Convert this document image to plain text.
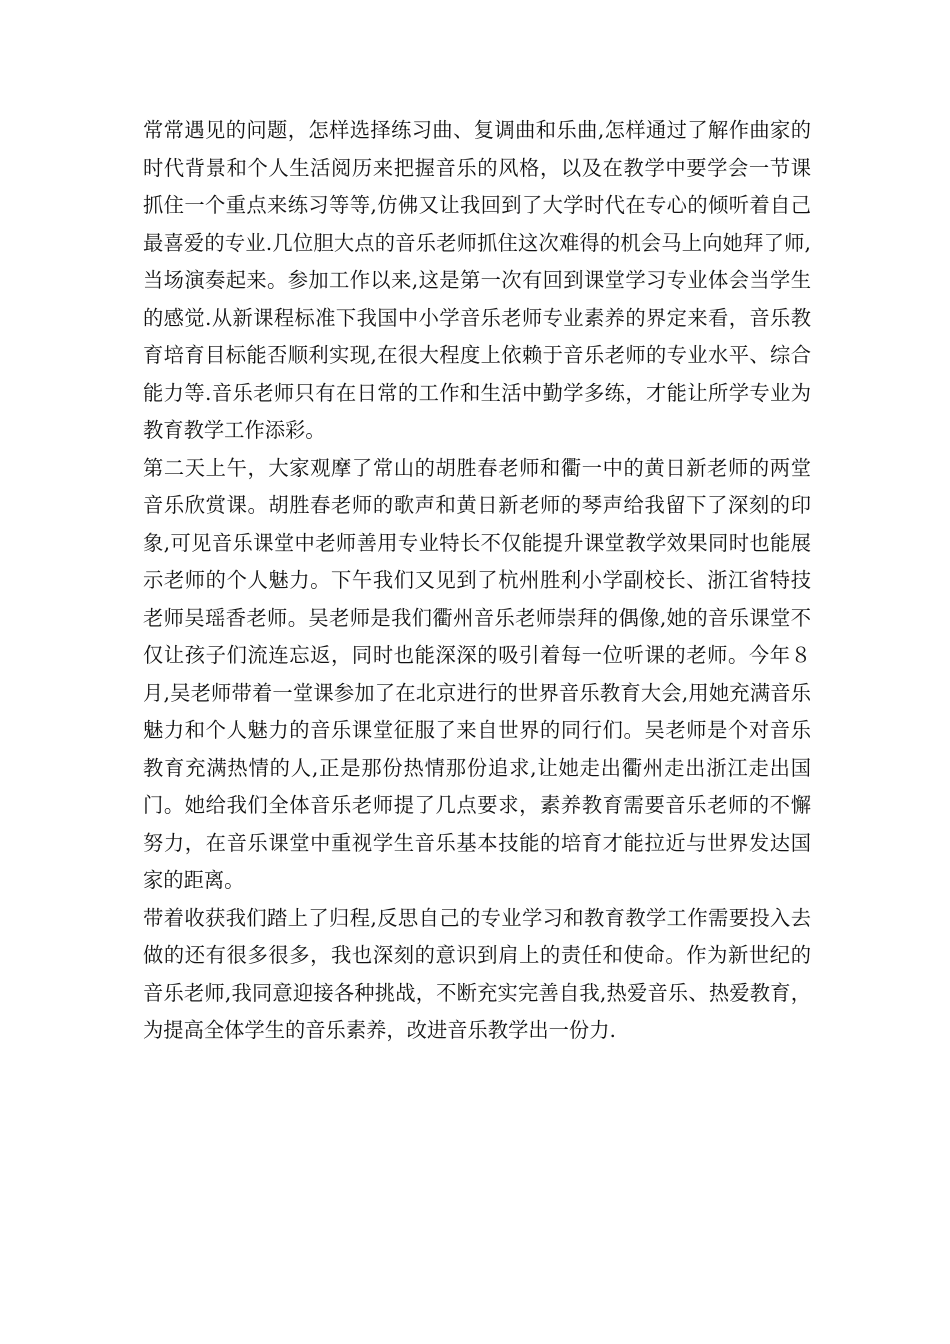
常常遇见的问题，怎样选择练习曲、复调曲和乐曲,怎样通过了解作曲家的时代背景和个人生活阅历来把握音乐的风格，以及在教学中要学会一节课抓住一个重点来练习等等,仿佛又让我回到了大学时代在专心的倾听着自己最喜爱的专业.几位胆大点的音乐老师抓住这次难得的机会马上向她拜了师,当场演奏起来。参加工作以来,这是第一次有回到课堂学习专业体会当学生的感觉.从新课程标准下我国中小学音乐老师专业素养的界定来看，音乐教育培育目标能否顺利实现,在很大程度上依赖于音乐老师的专业水平、综合能力等.音乐老师只有在日常的工作和生活中勤学多练，才能让所学专业为教育教学工作添彩。

第二天上午，大家观摩了常山的胡胜春老师和衢一中的黄日新老师的两堂音乐欣赏课。胡胜春老师的歌声和黄日新老师的琴声给我留下了深刻的印象,可见音乐课堂中老师善用专业特长不仅能提升课堂教学效果同时也能展示老师的个人魅力。下午我们又见到了杭州胜利小学副校长、浙江省特技老师吴瑶香老师。吴老师是我们衢州音乐老师崇拜的偶像,她的音乐课堂不仅让孩子们流连忘返，同时也能深深的吸引着每一位听课的老师。今年８月,吴老师带着一堂课参加了在北京进行的世界音乐教育大会,用她充满音乐魅力和个人魅力的音乐课堂征服了来自世界的同行们。吴老师是个对音乐教育充满热情的人,正是那份热情那份追求,让她走出衢州走出浙江走出国门。她给我们全体音乐老师提了几点要求，素养教育需要音乐老师的不懈努力，在音乐课堂中重视学生音乐基本技能的培育才能拉近与世界发达国家的距离。

带着收获我们踏上了归程,反思自己的专业学习和教育教学工作需要投入去做的还有很多很多，我也深刻的意识到肩上的责任和使命。作为新世纪的音乐老师,我同意迎接各种挑战，不断充实完善自我,热爱音乐、热爱教育，为提高全体学生的音乐素养，改进音乐教学出一份力.
